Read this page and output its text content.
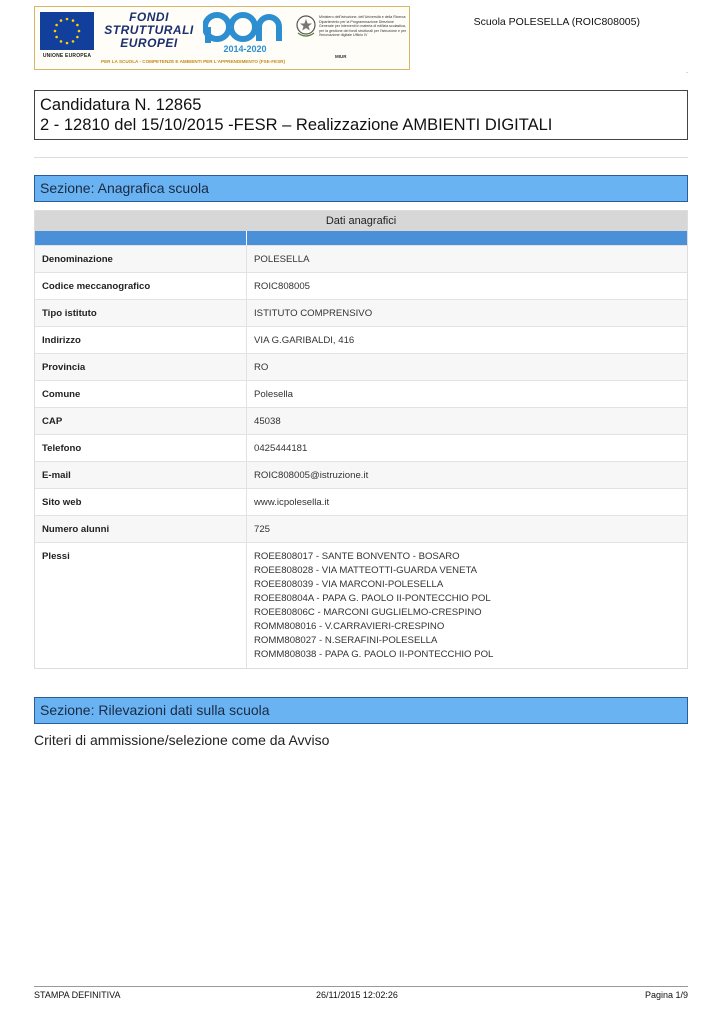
UNIONE EUROPEA
FONDI
STRUTTURALI
EUROPEI	2014-2020
Ministero dell'Istruzione, dell'Università e della Ricerca Dipartimento per la Programmazione Direzione Generale per interventi in materia di edilizia scolastica, per la gestione dei fondi strutturali per l'istruzione e per l'innovazione digitale Ufficio IV
MIUR
PER LA SCUOLA - COMPETENZE E AMBIENTI PER L'APPRENDIMENTO (FSE-FESR)
Scuola POLESELLA (ROIC808005)
-
Candidatura N. 12865
2 - 12810 del 15/10/2015 -FESR – Realizzazione AMBIENTI DIGITALI
Sezione: Anagrafica scuola
Dati anagrafici
Denominazione	POLESELLA
Codice meccanografico	ROIC808005
Tipo istituto	ISTITUTO COMPRENSIVO
Indirizzo	VIA G.GARIBALDI, 416
Provincia	RO
Comune	Polesella
CAP	45038
Telefono	0425444181
E-mail	ROIC808005@istruzione.it
Sito web	www.icpolesella.it
Numero alunni	725
Plessi	ROEE808017 - SANTE BONVENTO - BOSARO
ROEE808028 - VIA MATTEOTTI-GUARDA VENETA
ROEE808039 - VIA MARCONI-POLESELLA
ROEE80804A - PAPA G. PAOLO II-PONTECCHIO POL
ROEE80806C - MARCONI GUGLIELMO-CRESPINO
ROMM808016 - V.CARRAVIERI-CRESPINO
ROMM808027 - N.SERAFINI-POLESELLA
ROMM808038 - PAPA G. PAOLO II-PONTECCHIO POL
Sezione: Rilevazioni dati sulla scuola
Criteri di ammissione/selezione come da Avviso
STAMPA DEFINITIVA	26/11/2015 12:02:26	Pagina 1/9
